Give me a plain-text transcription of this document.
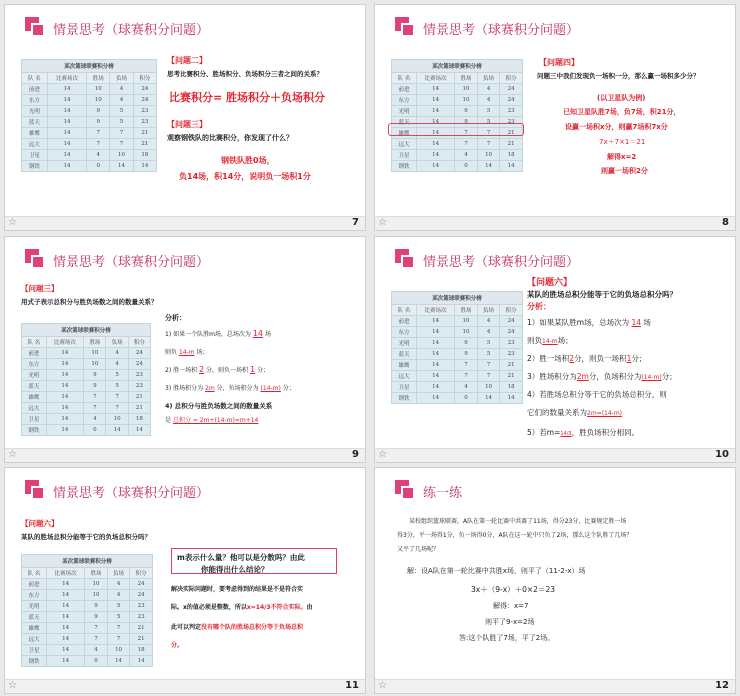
情景思考（球赛积分问题）
某次篮球联赛积分榜				
队 名	比赛场次	胜场	负场	积分
前进	14	10	4	24
东方	14	10	4	24
光明	14	9	5	23
蓝天	14	9	5	23
雄鹰	14	7	7	21
远大	14	7	7	21
卫星	14	4	10	18
钢铁	14	0	14	14
【问题二】
思考比赛积分、胜场积分、负场积分三者之间的关系？
比赛积分= 胜场积分＋负场积分
【问题三】
观察钢铁队的比赛积分，你发现了什么？
钢铁队胜0场，
负14场，积14分，说明负一场积1分
☆	7
情景思考（球赛积分问题）
某次篮球联赛积分榜				
队 名	比赛场次	胜场	负场	积分
前进	14	10	4	24
东方	14	10	4	24
光明	14	9	5	23
蓝天	14	9	5	23
雄鹰	14	7	7	21
远大	14	7	7	21
卫星	14	4	10	18
钢铁	14	0	14	14
【问题四】
问题三中我们发现负一场积一分，那么赢一场积多少分？
(以卫星队为例)
已知卫星队胜7场，负7场，积21分，
设赢一场积x分，则赢7场积7x分
7x＋7×1＝21
解得x=2
则赢一场积2分
☆	8
情景思考（球赛积分问题）
【问题三】
用式子表示总积分与胜负场数之间的数量关系？
某次篮球联赛积分榜				
队 名	比赛场次	胜场	负场	积分
前进	14	10	4	24
东方	14	10	4	24
光明	14	9	5	23
蓝天	14	9	5	23
雄鹰	14	7	7	21
远大	14	7	7	21
卫星	14	4	10	18
钢铁	14	0	14	14
分析：
1) 如果一个队胜m场，总场次为 14 场
则负 14-m 场；
2) 胜一场积 2 分，则负一场积 1 分；
3) 胜场积分为 2m 分，负场积分为 (14-m) 分；
4) 总积分与胜负场数之间的数量关系
是 总积分 = 2m+(14-m)=m+14
☆	9
情景思考（球赛积分问题）
某次篮球联赛积分榜				
队 名	比赛场次	胜场	负场	积分
前进	14	10	4	24
东方	14	10	4	24
光明	14	9	5	23
蓝天	14	9	5	23
雄鹰	14	7	7	21
远大	14	7	7	21
卫星	14	4	10	18
钢铁	14	0	14	14
【问题六】
某队的胜场总积分能等于它的负场总积分吗？
分析：
1）如果某队胜m场，总场次为 14 场
则负14-m场；
2）胜一场积2分，则负一场积1分；
3）胜场积分为2m分，负场积分为(14-m)分；
4）若胜场总积分等于它的负场总积分，则
它们的数量关系为2m=(14-m)
5）若m=14/3，胜负场积分相同。
☆	10
情景思考（球赛积分问题）
【问题六】
某队的胜场总积分能等于它的负场总积分吗？
某次篮球联赛积分榜				
队 名	比赛场次	胜场	负场	积分
前进	14	10	4	24
东方	14	10	4	24
光明	14	9	5	23
蓝天	14	9	5	23
雄鹰	14	7	7	21
远大	14	7	7	21
卫星	14	4	10	18
钢铁	14	0	14	14
m表示什么量？他可以是分数吗？由此
你能得出什么结论？
解决实际问题时，要考虑得到的结果是不是符合实
际。x的值必须是整数，所以x=14/3不符合实际。由
此可以判定没有哪个队的胜场总积分等于负场总积
分。
☆	11
练一练
某校组织篮球联赛，A队在第一轮比赛中共赛了11场，得分23分，比赛规定胜一场
得3分，平一场得1分，负一场得0分，A队在这一轮中只负了2场，那么这个队胜了几场？
又平了几场呢？
解：设A队在第一轮比赛中共胜x场，则平了（11-2-x）场
3x＋（9-x）＋0×2＝23
解得：x=7
则平了9-x=2场
答:这个队胜了7场，平了2场。
☆	12
